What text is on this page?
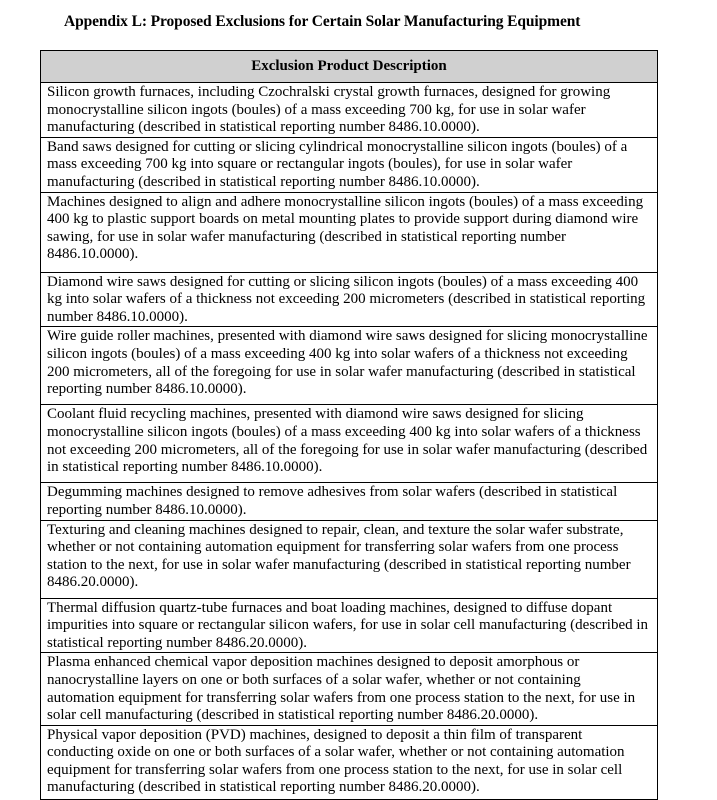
Appendix L: Proposed Exclusions for Certain Solar Manufacturing Equipment
Exclusion Product Description
Silicon growth furnaces, including Czochralski crystal growth furnaces, designed for growing monocrystalline silicon ingots (boules) of a mass exceeding 700 kg, for use in solar wafer manufacturing (described in statistical reporting number 8486.10.0000).
Band saws designed for cutting or slicing cylindrical monocrystalline silicon ingots (boules) of a mass exceeding 700 kg into square or rectangular ingots (boules), for use in solar wafer manufacturing (described in statistical reporting number 8486.10.0000).
Machines designed to align and adhere monocrystalline silicon ingots (boules) of a mass exceeding 400 kg to plastic support boards on metal mounting plates to provide support during diamond wire sawing, for use in solar wafer manufacturing (described in statistical reporting number 8486.10.0000).
Diamond wire saws designed for cutting or slicing silicon ingots (boules) of a mass exceeding 400 kg into solar wafers of a thickness not exceeding 200 micrometers (described in statistical reporting number 8486.10.0000).
Wire guide roller machines, presented with diamond wire saws designed for slicing monocrystalline silicon ingots (boules) of a mass exceeding 400 kg into solar wafers of a thickness not exceeding 200 micrometers, all of the foregoing for use in solar wafer manufacturing (described in statistical reporting number 8486.10.0000).
Coolant fluid recycling machines, presented with diamond wire saws designed for slicing monocrystalline silicon ingots (boules) of a mass exceeding 400 kg into solar wafers of a thickness not exceeding 200 micrometers, all of the foregoing for use in solar wafer manufacturing (described in statistical reporting number 8486.10.0000).
Degumming machines designed to remove adhesives from solar wafers (described in statistical reporting number 8486.10.0000).
Texturing and cleaning machines designed to repair, clean, and texture the solar wafer substrate, whether or not containing automation equipment for transferring solar wafers from one process station to the next, for use in solar wafer manufacturing (described in statistical reporting number 8486.20.0000).
Thermal diffusion quartz-tube furnaces and boat loading machines, designed to diffuse dopant impurities into square or rectangular silicon wafers, for use in solar cell manufacturing (described in statistical reporting number 8486.20.0000).
Plasma enhanced chemical vapor deposition machines designed to deposit amorphous or nanocrystalline layers on one or both surfaces of a solar wafer, whether or not containing automation equipment for transferring solar wafers from one process station to the next, for use in solar cell manufacturing (described in statistical reporting number 8486.20.0000).
Physical vapor deposition (PVD) machines, designed to deposit a thin film of transparent conducting oxide on one or both surfaces of a solar wafer, whether or not containing automation equipment for transferring solar wafers from one process station to the next, for use in solar cell manufacturing (described in statistical reporting number 8486.20.0000).
